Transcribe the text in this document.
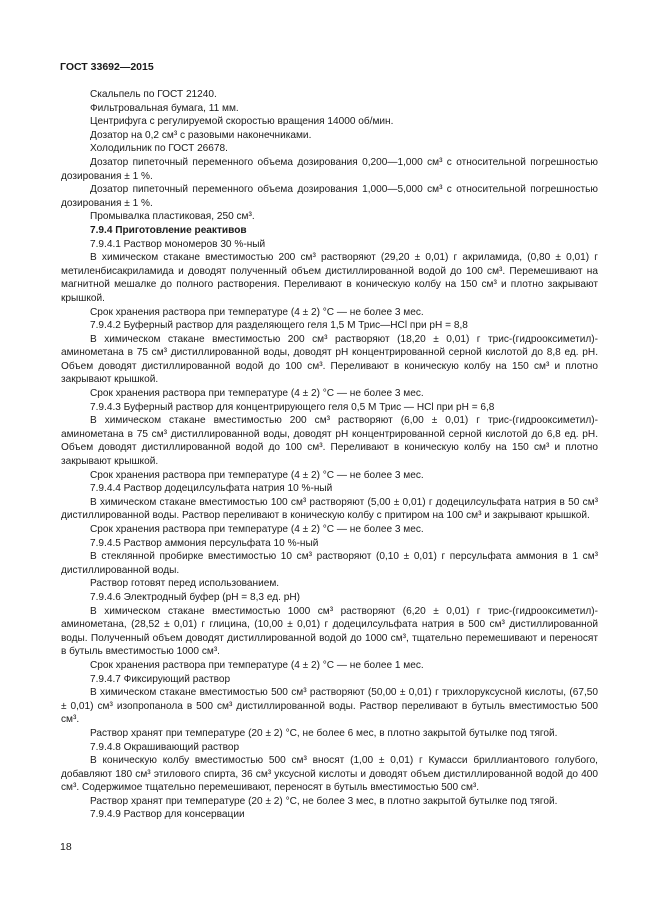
ГОСТ 33692—2015

Скальпель по ГОСТ 21240.

Фильтровальная бумага, 11 мм.

Центрифуга с регулируемой скоростью вращения 14000 об/мин.

Дозатор на 0,2 см³ с разовыми наконечниками.

Холодильник по ГОСТ 26678.

Дозатор пипеточный переменного объема дозирования 0,200—1,000 см³ с относительной погрешностью дозирования ± 1 %.

Дозатор пипеточный переменного объема дозирования 1,000—5,000 см³ с относительной погрешностью дозирования ± 1 %.

Промывалка пластиковая, 250 см³.

7.9.4 Приготовление реактивов

7.9.4.1 Раствор мономеров 30 %-ный

В химическом стакане вместимостью 200 см³ растворяют (29,20 ± 0,01) г акриламида, (0,80 ± 0,01) г метиленбисакриламида и доводят полученный объем дистиллированной водой до 100 см³. Перемешивают на магнитной мешалке до полного растворения. Переливают в коническую колбу на 150 см³ и плотно закрывают крышкой.

Срок хранения раствора при температуре (4 ± 2) °С — не более 3 мес.

7.9.4.2 Буферный раствор для разделяющего геля 1,5 М Трис—HCl при pH = 8,8

В химическом стакане вместимостью 200 см³ растворяют (18,20 ± 0,01) г трис-(гидрооксиметил)-аминометана в 75 см³ дистиллированной воды, доводят pH концентрированной серной кислотой до 8,8 ед. pH. Объем доводят дистиллированной водой до 100 см³. Переливают в коническую колбу на 150 см³ и плотно закрывают крышкой.

Срок хранения раствора при температуре (4 ± 2) °С — не более 3 мес.

7.9.4.3 Буферный раствор для концентрирующего геля 0,5 М Трис — HCl при pH = 6,8

В химическом стакане вместимостью 200 см³ растворяют (6,00 ± 0,01) г трис-(гидрооксиметил)-аминометана в 75 см³ дистиллированной воды, доводят pH концентрированной серной кислотой до 6,8 ед. pH. Объем доводят дистиллированной водой до 100 см³. Переливают в коническую колбу на 150 см³ и плотно закрывают крышкой.

Срок хранения раствора при температуре (4 ± 2) °С — не более 3 мес.

7.9.4.4 Раствор додецилсульфата натрия 10 %-ный

В химическом стакане вместимостью 100 см³ растворяют (5,00 ± 0,01) г додецилсульфата натрия в 50 см³ дистиллированной воды. Раствор переливают в коническую колбу с притиром на 100 см³ и закрывают крышкой.

Срок хранения раствора при температуре (4 ± 2) °С — не более 3 мес.

7.9.4.5 Раствор аммония персульфата 10 %-ный

В стеклянной пробирке вместимостью 10 см³ растворяют (0,10 ± 0,01) г персульфата аммония в 1 см³ дистиллированной воды.

Раствор готовят перед использованием.

7.9.4.6 Электродный буфер (pH = 8,3 ед. pH)

В химическом стакане вместимостью 1000 см³ растворяют (6,20 ± 0,01) г трис-(гидрооксиметил)-аминометана, (28,52 ± 0,01) г глицина, (10,00 ± 0,01) г додецилсульфата натрия в 500 см³ дистиллированной воды. Полученный объем доводят дистиллированной водой до 1000 см³, тщательно перемешивают и переносят в бутыль вместимостью 1000 см³.

Срок хранения раствора при температуре (4 ± 2) °С — не более 1 мес.

7.9.4.7 Фиксирующий раствор

В химическом стакане вместимостью 500 см³ растворяют (50,00 ± 0,01) г трихлоруксусной кислоты, (67,50 ± 0,01) см³ изопропанола в 500 см³ дистиллированной воды. Раствор переливают в бутыль вместимостью 500 см³.

Раствор хранят при температуре (20 ± 2) °С, не более 6 мес, в плотно закрытой бутылке под тягой.

7.9.4.8 Окрашивающий раствор

В коническую колбу вместимостью 500 см³ вносят (1,00 ± 0,01) г Кумасси бриллиантового голубого, добавляют 180 см³ этилового спирта, 36 см³ уксусной кислоты и доводят объем дистиллированной водой до 400 см³. Содержимое тщательно перемешивают, переносят в бутыль вместимостью 500 см³.

Раствор хранят при температуре (20 ± 2) °С, не более 3 мес, в плотно закрытой бутылке под тягой.

7.9.4.9 Раствор для консервации

18
